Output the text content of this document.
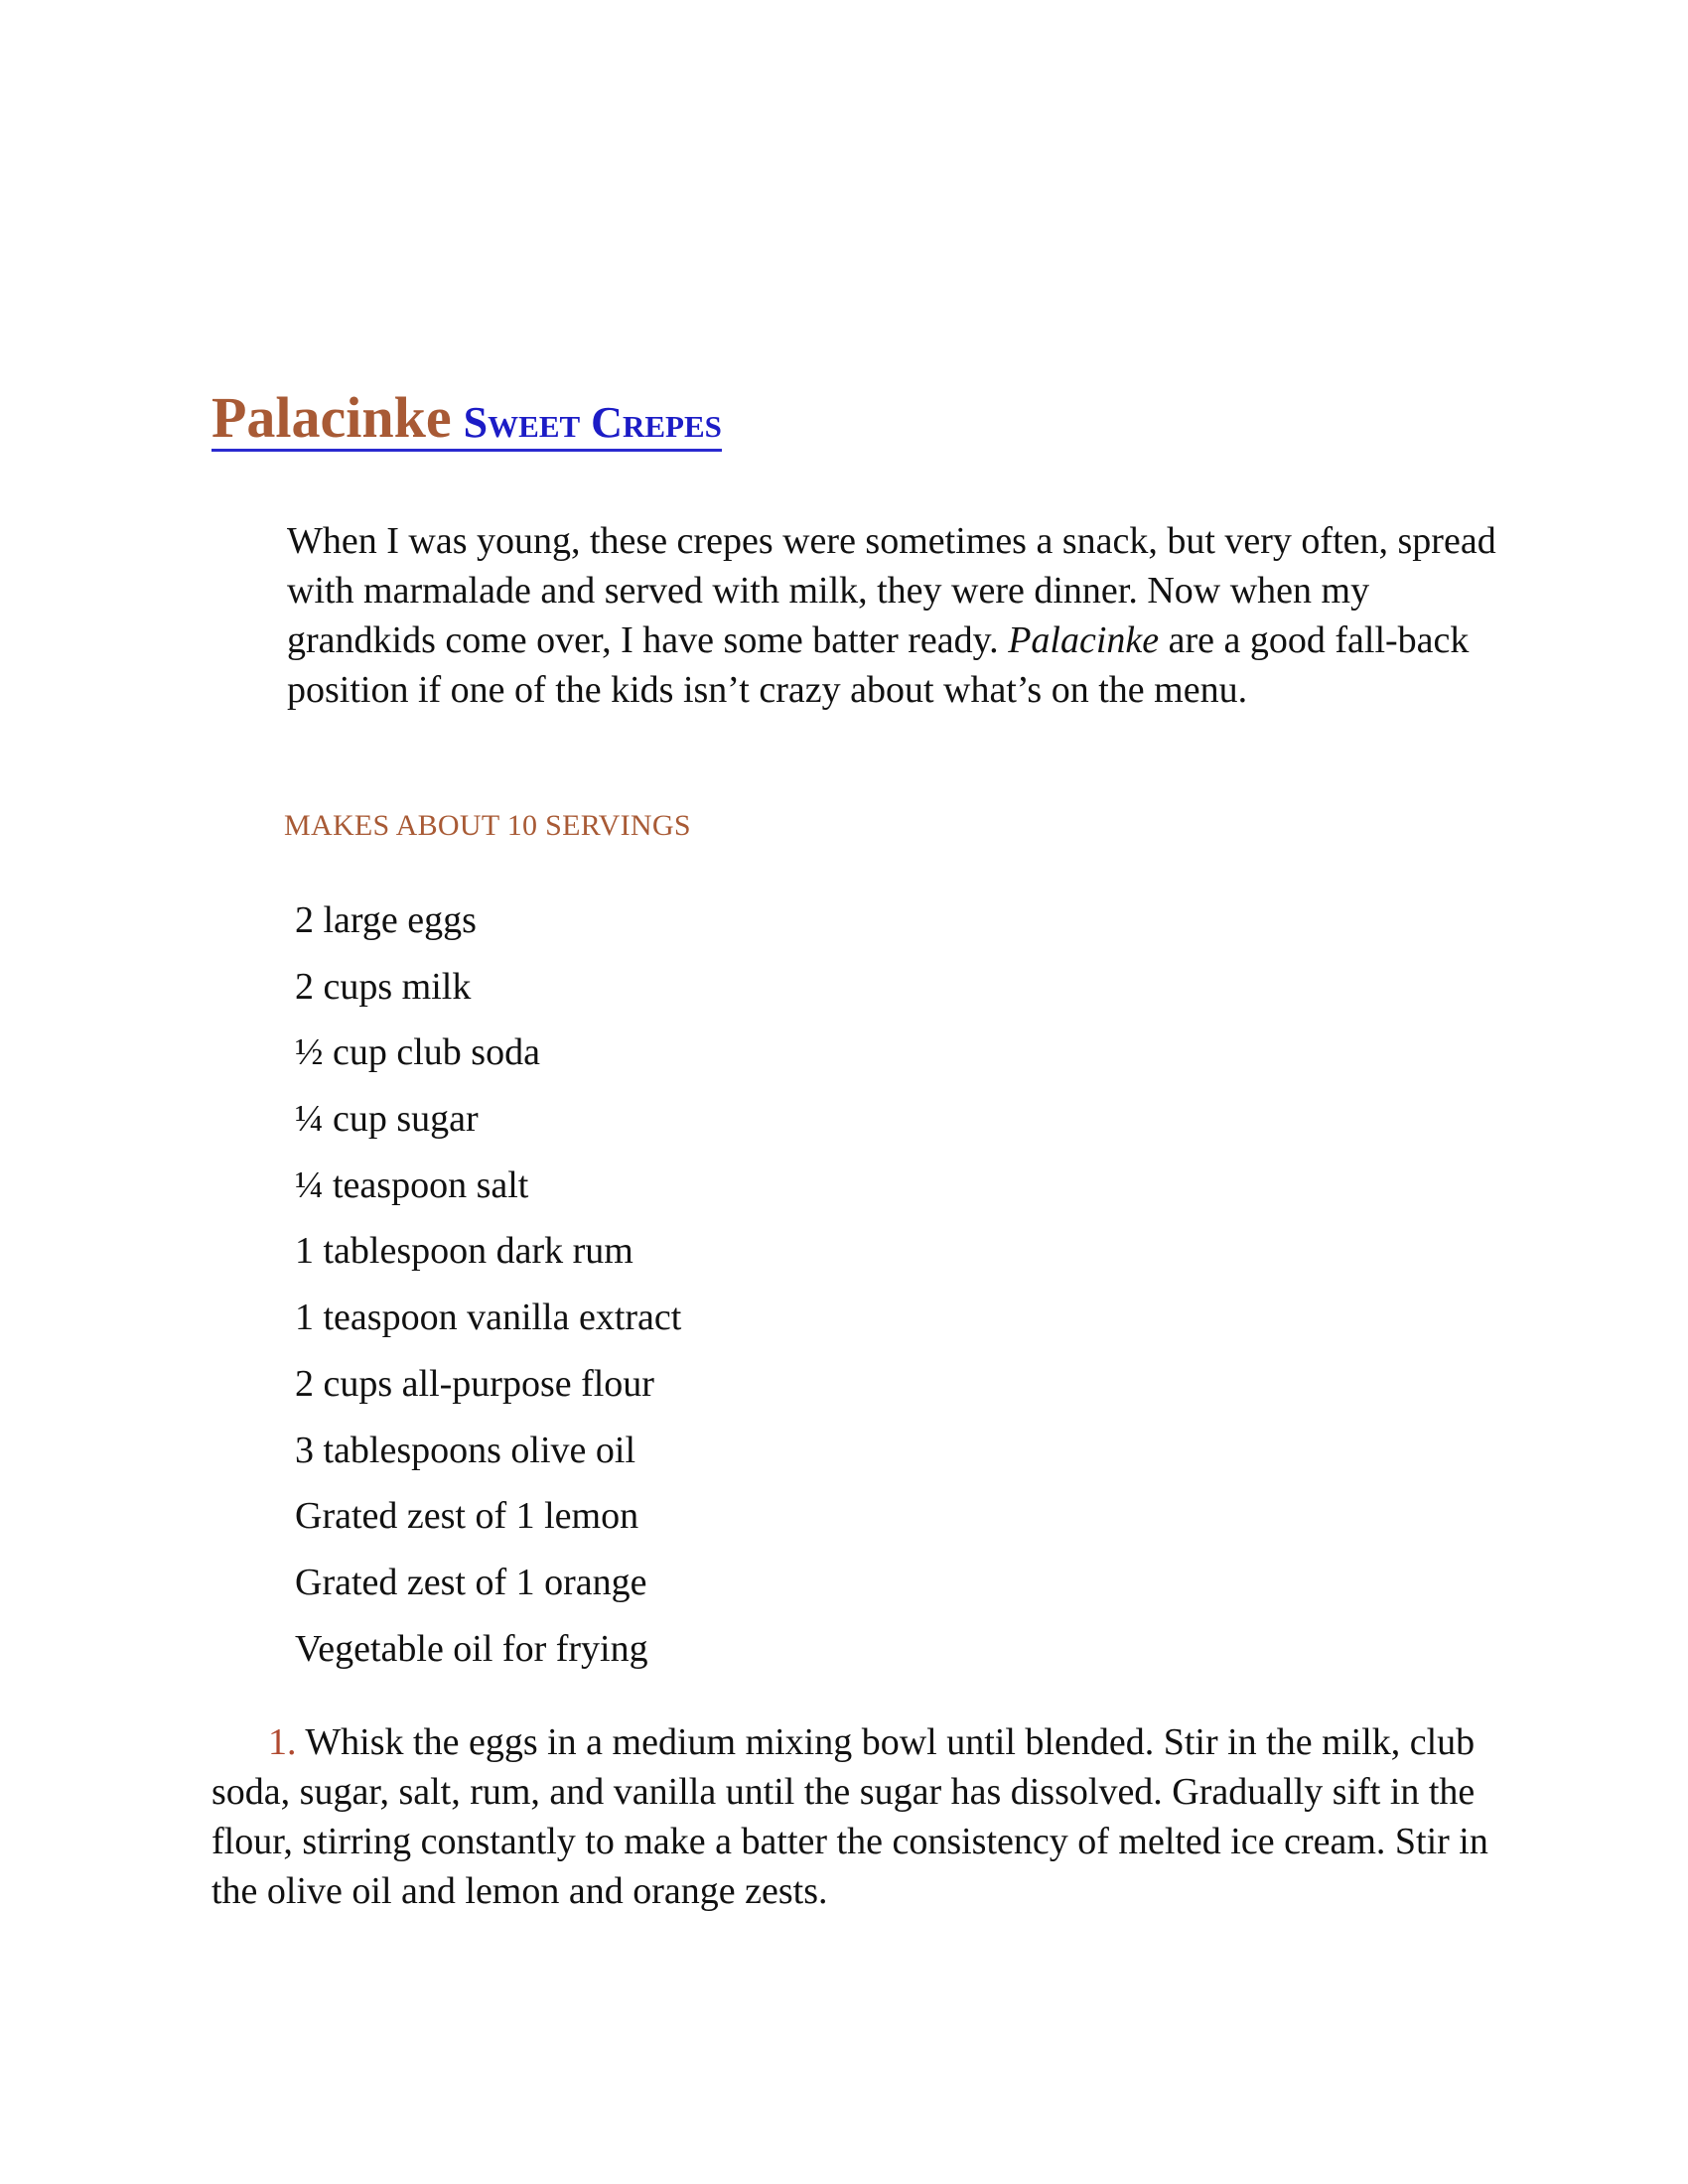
Palacinke Sweet Crepes

When I was young, these crepes were sometimes a snack, but very often, spread with marmalade and served with milk, they were dinner. Now when my grandkids come over, I have some batter ready. Palacinke are a good fall-back position if one of the kids isn’t crazy about what’s on the menu.

MAKES ABOUT 10 SERVINGS
2 large eggs
2 cups milk
½ cup club soda
¼ cup sugar
¼ teaspoon salt
1 tablespoon dark rum
1 teaspoon vanilla extract
2 cups all-purpose flour
3 tablespoons olive oil
Grated zest of 1 lemon
Grated zest of 1 orange
Vegetable oil for frying

1. Whisk the eggs in a medium mixing bowl until blended. Stir in the milk, club soda, sugar, salt, rum, and vanilla until the sugar has dissolved. Gradually sift in the flour, stirring constantly to make a batter the consistency of melted ice cream. Stir in the olive oil and lemon and orange zests.
